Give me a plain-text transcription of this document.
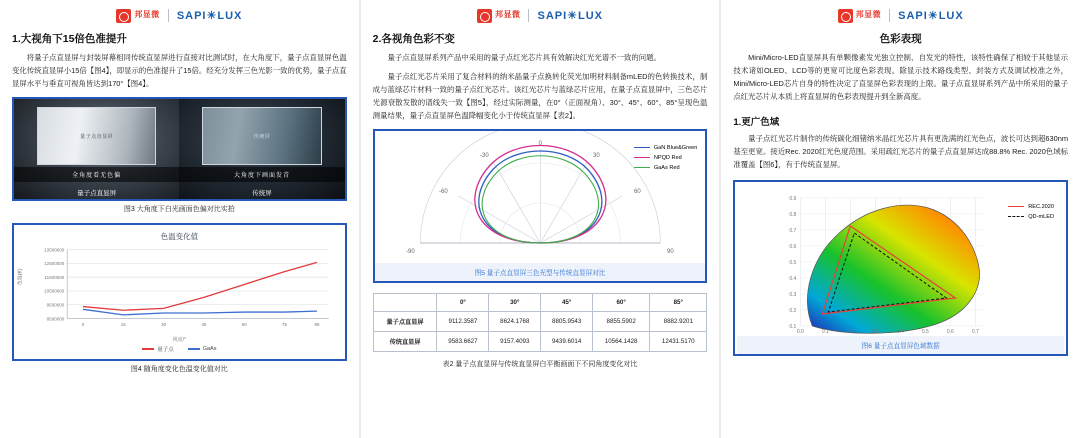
邦显微 SAPI☀LUX
1.大视角下15倍色准提升

将量子点直显屏与封装屏幕相同传统直显屏进行直接对比测试时，在大角度下，量子点直显屏色温变化传统直显屏小15倍【图4】，即显示的色准提升了15倍。经充分发挥三色光影一致的优势，量子点直显屏水平与垂直可视角皆达到170°【图4】。

量子点直显屏
全角度看无色偏
量子点直显屏
传统屏
大角度下画面发青
传统屏
图3 大角度下白光画面色偏对比实拍
色温变化值
13500000
12500000
11500000
10500000
9500000
8500000
0	15	30	45	60	75	85
色温(K)
视度/°
量子点	GaAs
图4 随角度变化色温变化值对比
邦显微 SAPI☀LUX
2.各视角色彩不变

量子点直显屏系列产品中采用的量子点红光芯片具有效解决红光光谱不一致的问题。

量子点红光芯片采用了复合材料的纳米晶量子点换转化荧光加明材料制备mLED的色转换技术，制成与蓝绿芯片材料一致的量子点红光芯片。该红光芯片与蓝绿芯片应用，在量子点直显屏中，三色芯片光源衰散发散的谱线失一致【图5】，经过实际测量，在0°（正面视角）、30°、45°、60°、85°呈现色温测量结果，量子点直显屏色温降幅变化小于传统直显屏【表2】。

-90	90
-60	60
-30	30
0
GaN Blue&Green
NPQD Red
GaAs Red
图5 量子点直显屏三色光型与传统直显屏对比
	0°	30°	45°	60°	85°
量子点直显屏	9112.3587	8624.1768	8805.9543	8855.5902	8882.9201
传统直显屏	9583.6627	9157.4093	9439.6014	10564.1428	12431.5170
表2 量子点直显屏与传统直显屏白平衡画面下不同角度变化对比
邦显微 SAPI☀LUX
色彩表现

Mini/Micro-LED直显屏具有单颗像素发光独立控制、自发光的特性，该特性确保了相较于其他显示技术诸如OLED、LCD等的更宽可比度色彩表现。除显示技术路线类型、封装方式及调试校准之外，Mini/Micro-LED芯片自身的特性决定了直显屏色彩表现的上限。量子点直显屏系列产品中所采用的量子点红光芯片从本质上将直显屏的色彩表现提升到全新高度。

1.更广色域

量子点红光芯片制作的传统碳化细锗纳米晶红光芯片具有更洗满的红光色点，波长可达到超630nm基至更宽。接近Rec. 2020红光色度范围。采用疏红光芯片的量子点直显屏达成88.8% Rec. 2020色域标准覆盖【图6】，有于传统直显屏。

0.0	0.1	0.2	0.3	0.4	0.5	0.6	0.7
0.9
0.8
0.7
0.6
0.5
0.4
0.3
0.2
0.1
REC.2020
QD-mLED
图6 量子点直显屏色域数据
